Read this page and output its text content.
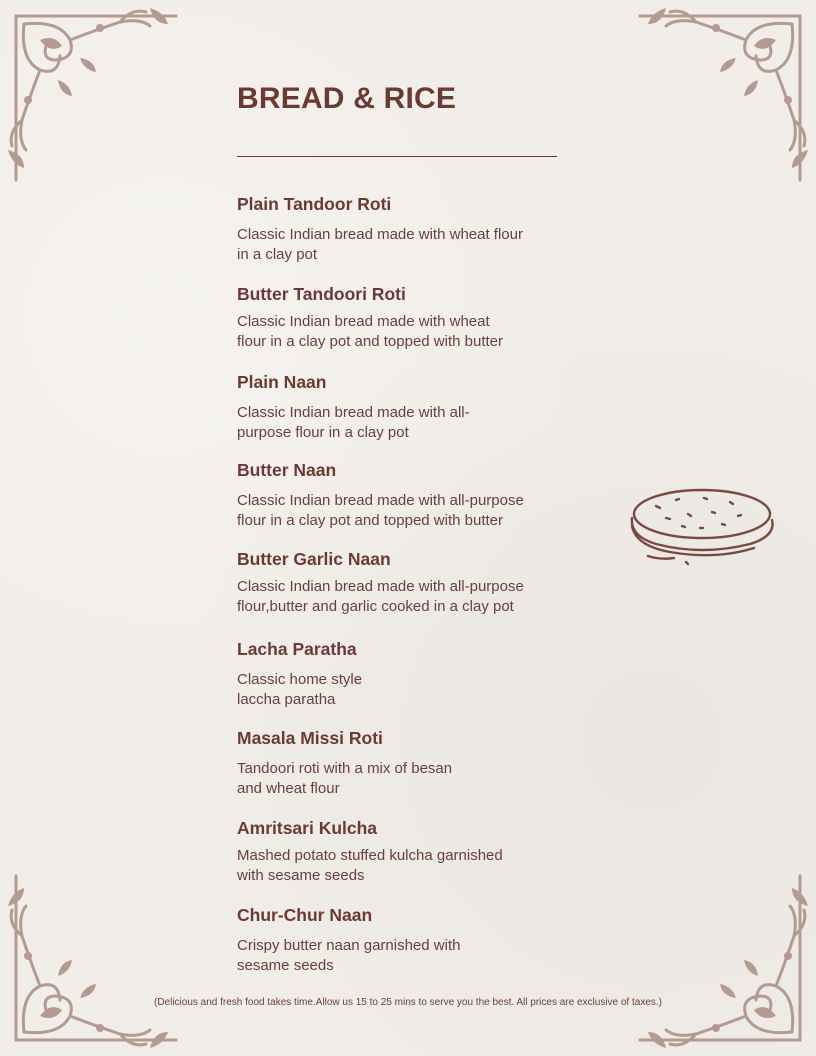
BREAD & RICE

Plain Tandoor Roti

Classic Indian bread made with wheat flour
in a clay pot

Butter Tandoori Roti

Classic Indian bread made with wheat
flour in a clay pot and topped with butter

Plain Naan

Classic Indian bread made with all-
purpose flour in a clay pot

Butter Naan

Classic Indian bread made with all-purpose
flour in a clay pot and topped with butter

Butter Garlic Naan

Classic Indian bread made with all-purpose
flour,butter and garlic cooked in a clay pot

Lacha Paratha

Classic home style
laccha paratha

Masala Missi Roti

Tandoori roti with a mix of besan
and wheat flour

Amritsari Kulcha

Mashed potato stuffed kulcha garnished
with sesame seeds

Chur-Chur Naan

Crispy butter naan garnished with
sesame seeds

(Delicious and fresh food takes time.Allow us 15 to 25 mins to serve you the best. All prices are exclusive of taxes.)
